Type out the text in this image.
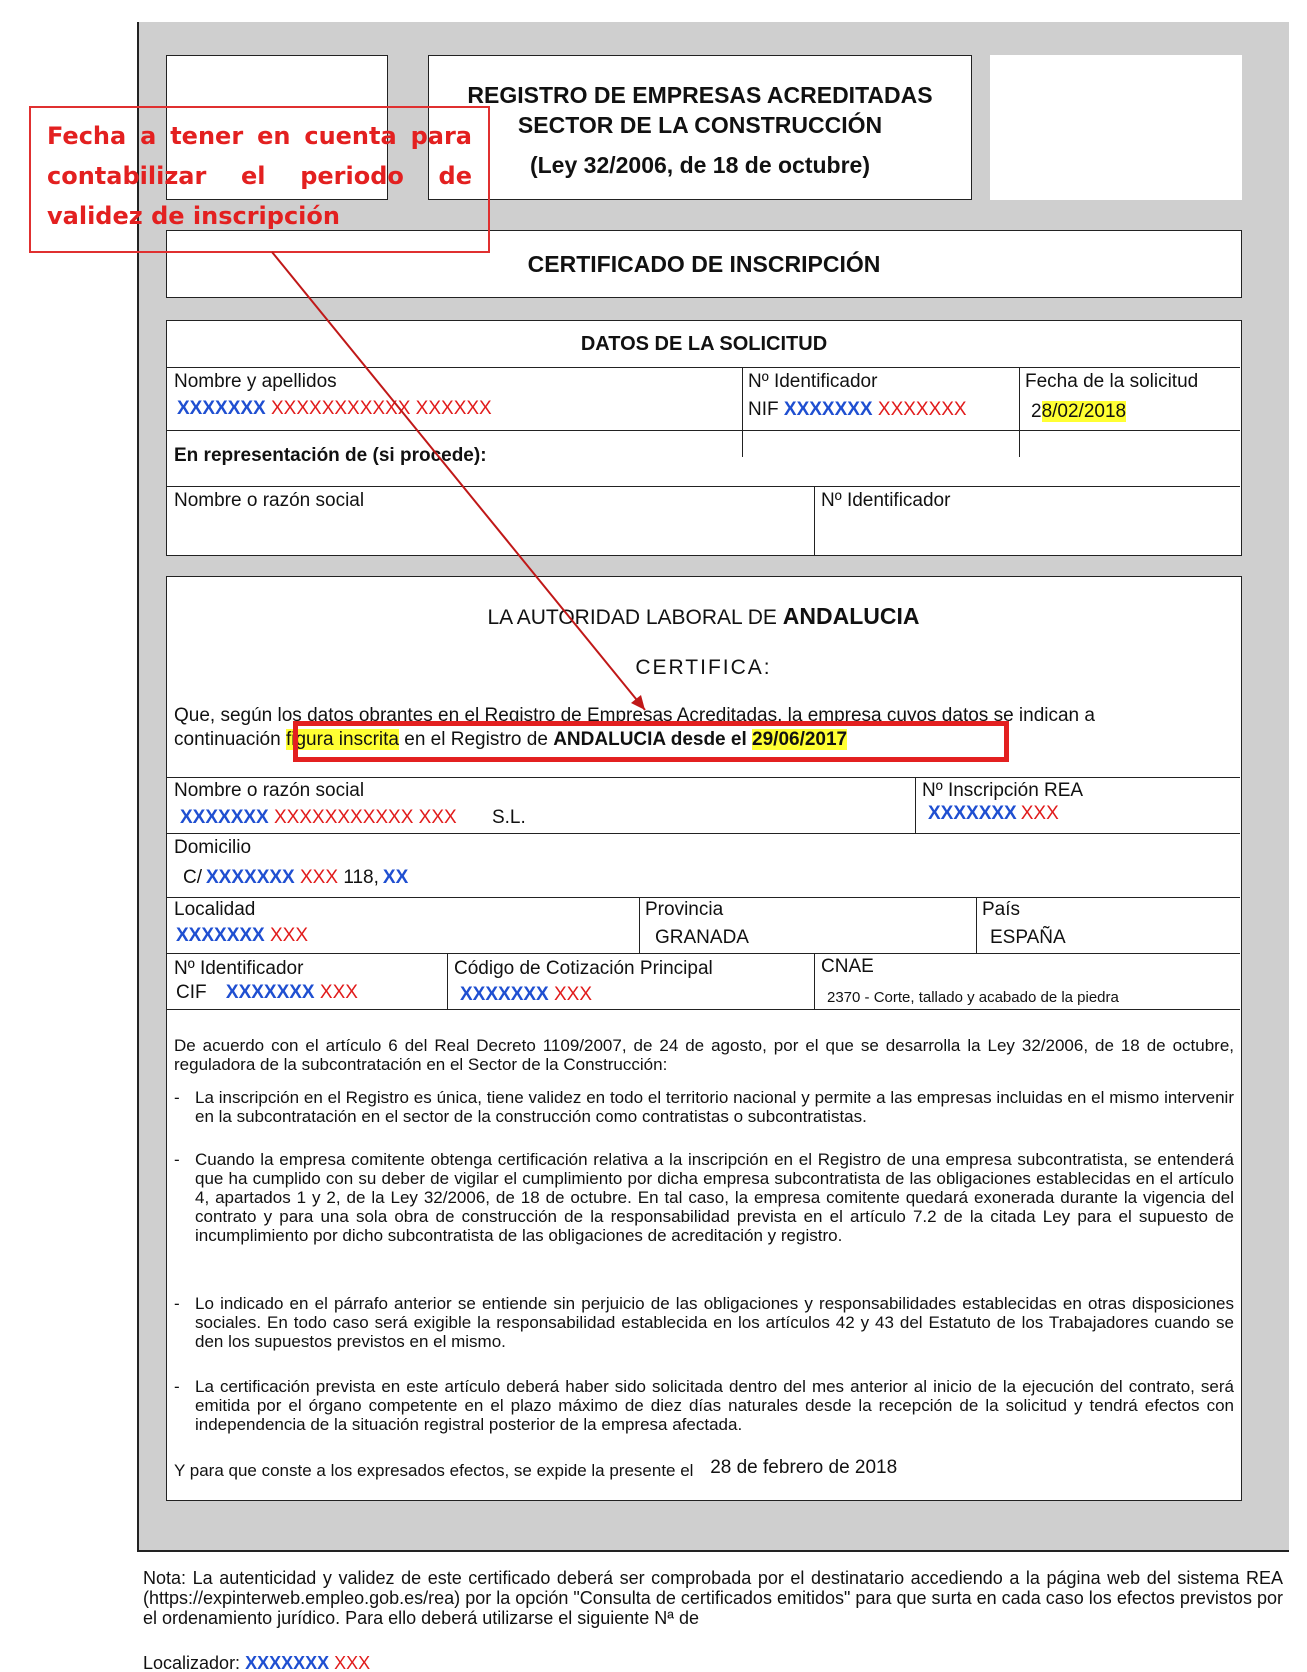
REGISTRO DE EMPRESAS ACREDITADAS
SECTOR DE LA CONSTRUCCIÓN
(Ley 32/2006, de 18 de octubre)
CERTIFICADO DE INSCRIPCIÓN
DATOS DE LA SOLICITUD
Nombre y apellidos
XXXXXXX XXXXXXXXXXX XXXXXX
Nº Identificador
NIF XXXXXXX XXXXXXX
Fecha de la solicitud
28/02/2018
En representación de (si procede):
Nombre o razón social	Nº Identificador
LA AUTORIDAD LABORAL DE ANDALUCIA
CERTIFICA:
Que, según los datos obrantes en el Registro de Empresas Acreditadas, la empresa cuyos datos se indican a
continuación figura inscrita en el Registro de ANDALUCIA desde el 29/06/2017
Nombre o razón social
XXXXXXX XXXXXXXXXXX XXX S.L.
Nº Inscripción REA
XXXXXXX XXX
Domicilio
C/ XXXXXXX XXX 118, XX
Localidad
XXXXXXX XXX
Provincia
GRANADA
País
ESPAÑA
Nº Identificador
CIF XXXXXXX XXX
Código de Cotización Principal
XXXXXXX XXX
CNAE
2370 - Corte, tallado y acabado de la piedra
De acuerdo con el artículo 6 del Real Decreto 1109/2007, de 24 de agosto, por el que se desarrolla la Ley 32/2006, de 18 de octubre, reguladora de la subcontratación en el Sector de la Construcción:
- La inscripción en el Registro es única, tiene validez en todo el territorio nacional y permite a las empresas incluidas en el mismo intervenir en la subcontratación en el sector de la construcción como contratistas o subcontratistas.
- Cuando la empresa comitente obtenga certificación relativa a la inscripción en el Registro de una empresa subcontratista, se entenderá que ha cumplido con su deber de vigilar el cumplimiento por dicha empresa subcontratista de las obligaciones establecidas en el artículo 4, apartados 1 y 2, de la Ley 32/2006, de 18 de octubre. En tal caso, la empresa comitente quedará exonerada durante la vigencia del contrato y para una sola obra de construcción de la responsabilidad prevista en el artículo 7.2 de la citada Ley para el supuesto de incumplimiento por dicho subcontratista de las obligaciones de acreditación y registro.
- Lo indicado en el párrafo anterior se entiende sin perjuicio de las obligaciones y responsabilidades establecidas en otras disposiciones sociales. En todo caso será exigible la responsabilidad establecida en los artículos 42 y 43 del Estatuto de los Trabajadores cuando se den los supuestos previstos en el mismo.
- La certificación prevista en este artículo deberá haber sido solicitada dentro del mes anterior al inicio de la ejecución del contrato, será emitida por el órgano competente en el plazo máximo de diez días naturales desde la recepción de la solicitud y tendrá efectos con independencia de la situación registral posterior de la empresa afectada.
Y para que conste a los expresados efectos, se expide la presente el 28 de febrero de 2018
Nota: La autenticidad y validez de este certificado deberá ser comprobada por el destinatario accediendo a la página web del sistema REA (https://expinterweb.empleo.gob.es/rea) por la opción "Consulta de certificados emitidos" para que surta en cada caso los efectos previstos por el ordenamiento jurídico. Para ello deberá utilizarse el siguiente Nª de
Localizador: XXXXXXX XXX
Fecha a tener en cuenta para contabilizar el periodo de validez de inscripción
